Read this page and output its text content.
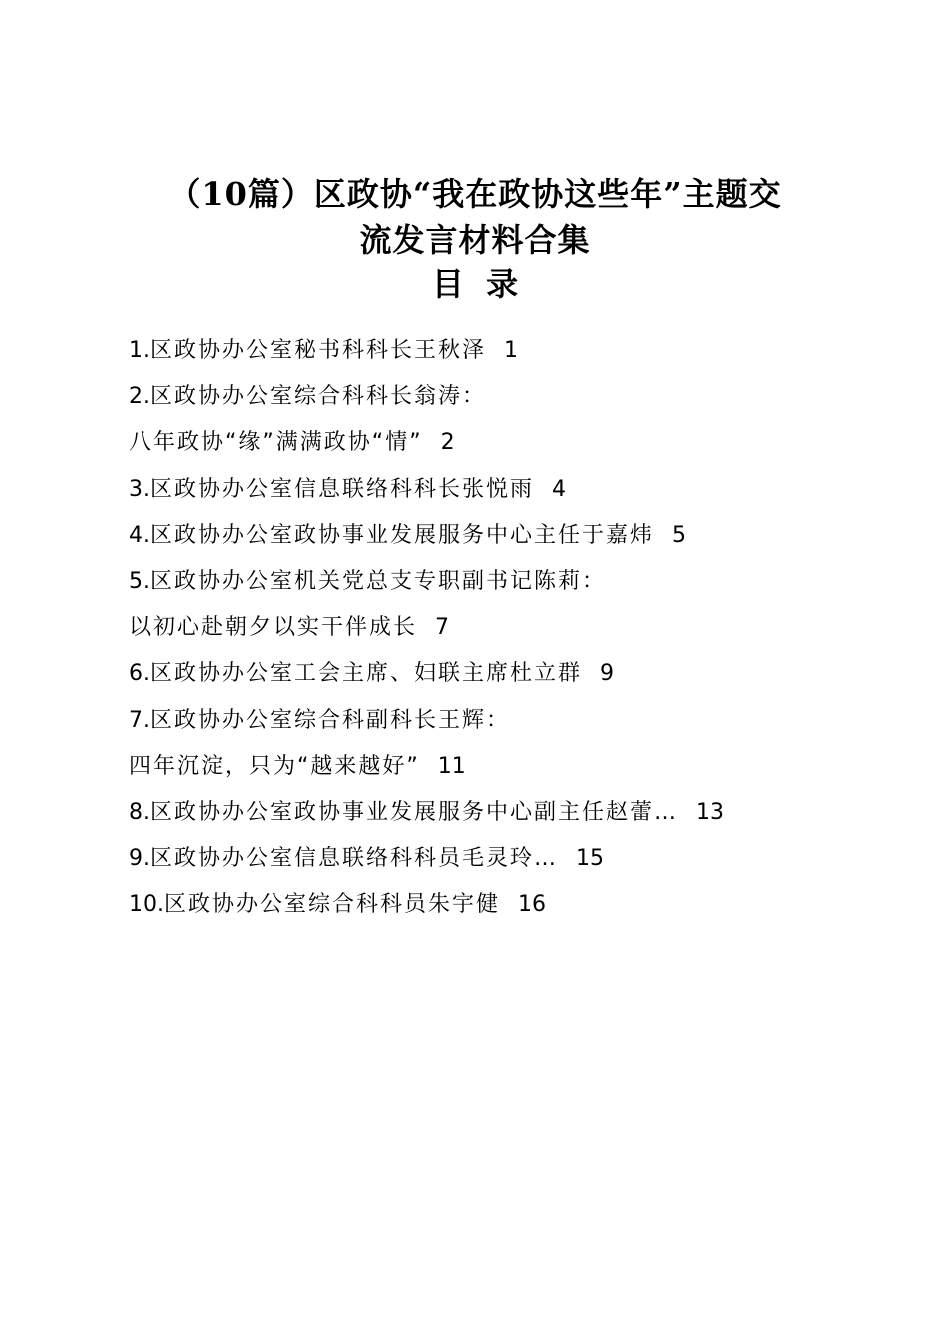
（10篇）区政协“我在政协这些年”主题交
流发言材料合集
目  录
1.区政协办公室秘书科科长王秋泽 1
2.区政协办公室综合科科长翁涛：
八年政协“缘”满满政协“情” 2
3.区政协办公室信息联络科科长张悦雨 4
4.区政协办公室政协事业发展服务中心主任于嘉炜 5
5.区政协办公室机关党总支专职副书记陈莉：
以初心赴朝夕以实干伴成长 7
6.区政协办公室工会主席、妇联主席杜立群 9
7.区政协办公室综合科副科长王辉：
四年沉淀，只为“越来越好” 11
8.区政协办公室政协事业发展服务中心副主任赵蕾… 13
9.区政协办公室信息联络科科员毛灵玲… 15
10.区政协办公室综合科科员朱宇健 16
